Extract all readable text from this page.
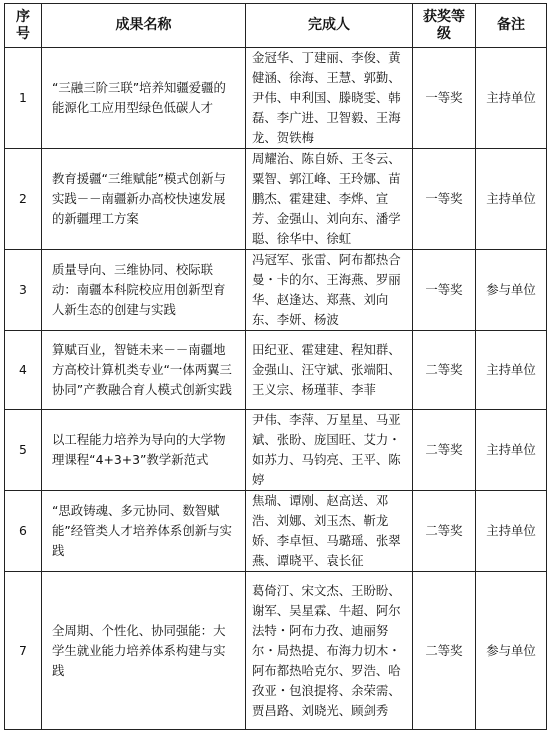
序号	成果名称	完成人	获奖等级	备注
1	“三融三阶三联”培养知疆爱疆的能源化工应用型绿色低碳人才	金冠华、丁建丽、李俊、黄健涵、徐海、王慧、郭勤、尹伟、申利国、滕晓雯、韩磊、李广进、卫智毅、王海龙、贺铁梅	一等奖	主持单位
2	教育援疆“三维赋能”模式创新与实践－－南疆新办高校快速发展的新疆理工方案	周耀治、陈自娇、王冬云、粟智、郭江峰、王玲娜、苗鹏杰、霍建建、李烨、宣芳、金强山、刘向东、潘学聪、徐华中、徐虹	一等奖	主持单位
3	质量导向、三维协同、校际联动：南疆本科院校应用创新型育人新生态的创建与实践	冯冠军、张雷、阿布都热合曼・卡的尔、王海燕、罗丽华、赵逢达、郑燕、刘向东、李妍、杨波	一等奖	参与单位
4	算赋百业，智链未来－－南疆地方高校计算机类专业“一体两翼三协同”产教融合育人模式创新实践	田纪亚、霍建建、程知群、金强山、汪守斌、张端阳、王义宗、杨瑾菲、李菲	二等奖	主持单位
5	以工程能力培养为导向的大学物理课程“4+3+3”教学新范式	尹伟、李萍、万星星、马亚斌、张盼、庞国旺、艾力・如苏力、马钧亮、王平、陈婷	二等奖	主持单位
6	“思政铸魂、多元协同、数智赋能”经管类人才培养体系创新与实践	焦瑞、谭刚、赵高送、邓浩、刘娜、刘玉杰、靳龙娇、李卓恒、马璐瑶、张翠燕、谭晓平、袁长征	二等奖	主持单位
7	全周期、个性化、协同强能：大学生就业能力培养体系构建与实践	葛倚汀、宋文杰、王盼盼、谢军、吴星霖、牛超、阿尔法特・阿布力孜、迪丽努尔・局热提、布海力切木・阿布都热哈克尔、罗浩、哈孜亚・包浪提将、余荣需、贾昌路、刘晓光、顾剑秀	二等奖	参与单位
